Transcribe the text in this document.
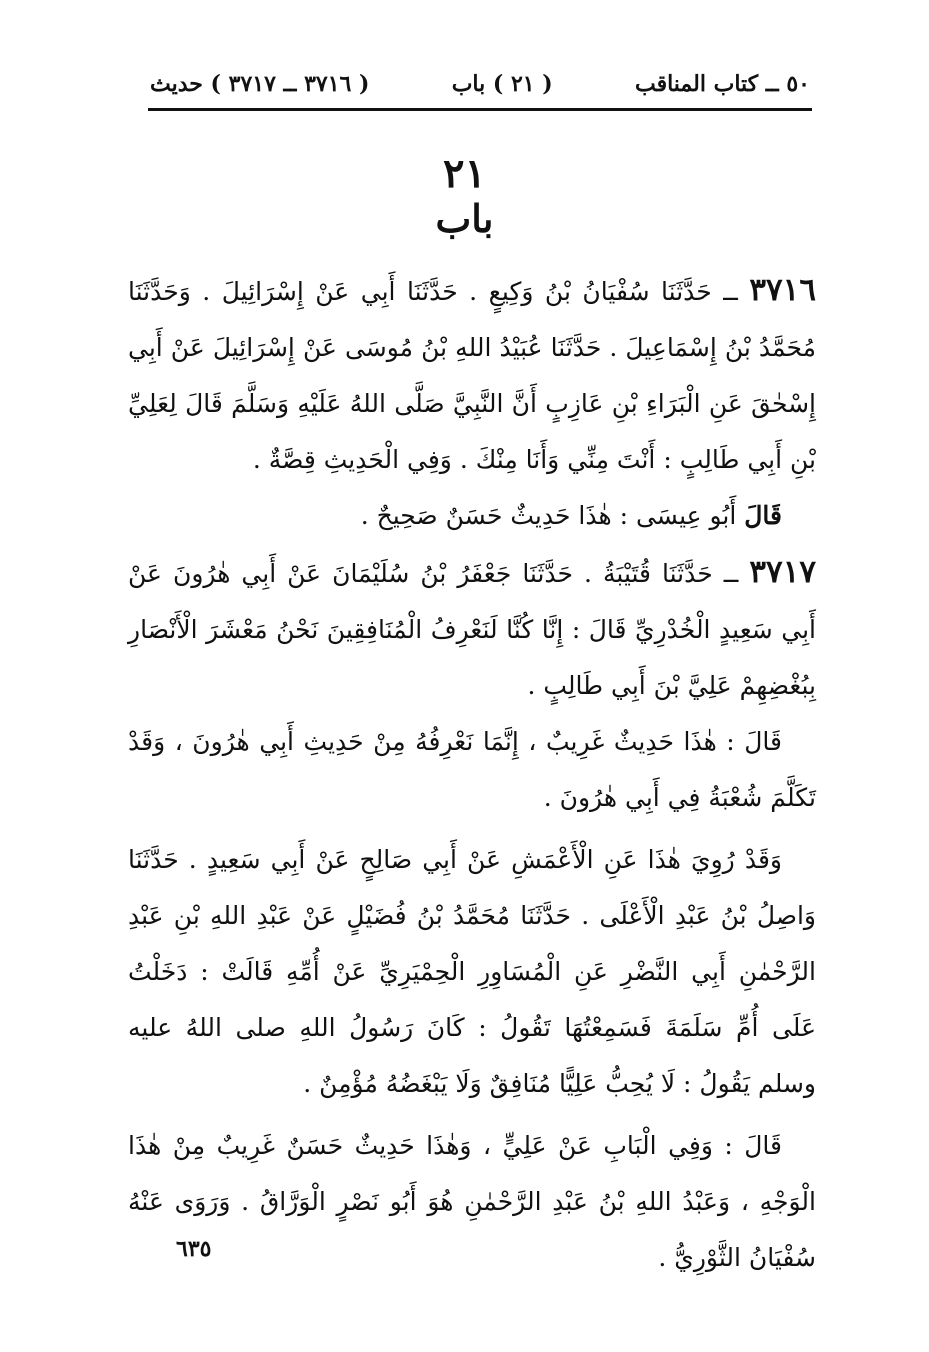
٥٠ ــ كتاب المناقب
( ٢١ ) باب
( ٣٧١٦ ــ ٣٧١٧ ) حديث
٢١
باب

٣٧١٦ ــ حَدَّثَنَا سُفْيَانُ بْنُ وَكِيعٍ . حَدَّثَنَا أَبِي عَنْ إِسْرَائِيلَ . وَحَدَّثَنَا مُحَمَّدُ بْنُ إِسْمَاعِيلَ . حَدَّثَنَا عُبَيْدُ اللهِ بْنُ مُوسَى عَنْ إِسْرَائِيلَ عَنْ أَبِي إِسْحٰقَ عَنِ الْبَرَاءِ بْنِ عَازِبٍ أَنَّ النَّبِيَّ صَلَّى اللهُ عَلَيْهِ وَسَلَّمَ قَالَ لِعَلِيِّ بْنِ أَبِي طَالِبٍ : أَنْتَ مِنِّي وَأَنَا مِنْكَ . وَفِي الْحَدِيثِ قِصَّةٌ .

قَالَ أَبُو عِيسَى : هٰذَا حَدِيثٌ حَسَنٌ صَحِيحٌ .

٣٧١٧ ــ حَدَّثَنَا قُتَيْبَةُ . حَدَّثَنَا جَعْفَرُ بْنُ سُلَيْمَانَ عَنْ أَبِي هٰرُونَ عَنْ أَبِي سَعِيدٍ الْخُدْرِيِّ قَالَ : إِنَّا كُنَّا لَنَعْرِفُ الْمُنَافِقِينَ نَحْنُ مَعْشَرَ الْأَنْصَارِ بِبُغْضِهِمْ عَلِيَّ بْنَ أَبِي طَالِبٍ .

قَالَ : هٰذَا حَدِيثٌ غَرِيبٌ ، إِنَّمَا نَعْرِفُهُ مِنْ حَدِيثِ أَبِي هٰرُونَ ، وَقَدْ تَكَلَّمَ شُعْبَةُ فِي أَبِي هٰرُونَ .

وَقَدْ رُوِيَ هٰذَا عَنِ الْأَعْمَشِ عَنْ أَبِي صَالِحٍ عَنْ أَبِي سَعِيدٍ . حَدَّثَنَا وَاصِلُ بْنُ عَبْدِ الْأَعْلَى . حَدَّثَنَا مُحَمَّدُ بْنُ فُضَيْلٍ عَنْ عَبْدِ اللهِ بْنِ عَبْدِ الرَّحْمٰنِ أَبِي النَّضْرِ عَنِ الْمُسَاوِرِ الْحِمْيَرِيِّ عَنْ أُمِّهِ قَالَتْ : دَخَلْتُ عَلَى أُمِّ سَلَمَةَ فَسَمِعْتُهَا تَقُولُ : كَانَ رَسُولُ اللهِ صلى اللهُ عليه وسلم يَقُولُ : لَا يُحِبُّ عَلِيًّا مُنَافِقٌ وَلَا يَبْغَضُهُ مُؤْمِنٌ .

قَالَ : وَفِي الْبَابِ عَنْ عَلِيٍّ ، وَهٰذَا حَدِيثٌ حَسَنٌ غَرِيبٌ مِنْ هٰذَا الْوَجْهِ ، وَعَبْدُ اللهِ بْنُ عَبْدِ الرَّحْمٰنِ هُوَ أَبُو نَصْرٍ الْوَرَّاقُ . وَرَوَى عَنْهُ سُفْيَانُ الثَّوْرِيُّ .

٦٣٥
